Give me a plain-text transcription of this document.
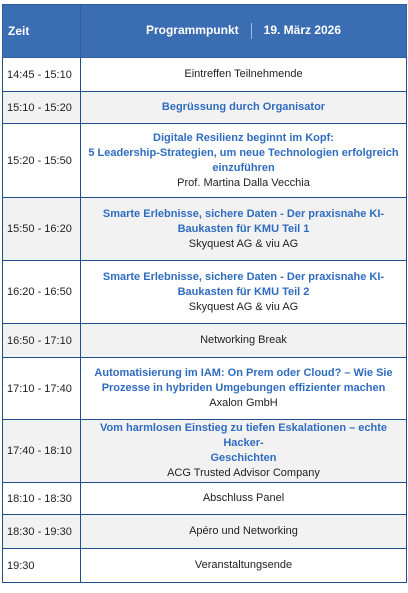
Zeit	Programmpunkt 19. März 2026
14:45 - 15:10	Eintreffen Teilnehmende
15:10 - 15:20	Begrüssung durch Organisator

15:20 - 15:50	Digitale Resilienz beginnt im Kopf:
5 Leadership-Strategien, um neue Technologien erfolgreich
einzuführen
Prof. Martina Dalla Vecchia

15:50 - 16:20	Smarte Erlebnisse, sichere Daten - Der praxisnahe KI-
Baukasten für KMU Teil 1
Skyquest AG & viu AG

16:20 - 16:50	Smarte Erlebnisse, sichere Daten - Der praxisnahe KI-
Baukasten für KMU Teil 2
Skyquest AG & viu AG

16:50 - 17:10	Networking Break
17:10 - 17:40	Automatisierung im IAM: On Prem oder Cloud? – Wie Sie
Prozesse in hybriden Umgebungen effizienter machen
Axalon GmbH

17:40 - 18:10	Vom harmlosen Einstieg zu tiefen Eskalationen – echte Hacker-
Geschichten
ACG Trusted Advisor Company

18:10 - 18:30	Abschluss Panel
18:30 - 19:30	Apéro und Networking
19:30	Veranstaltungsende
